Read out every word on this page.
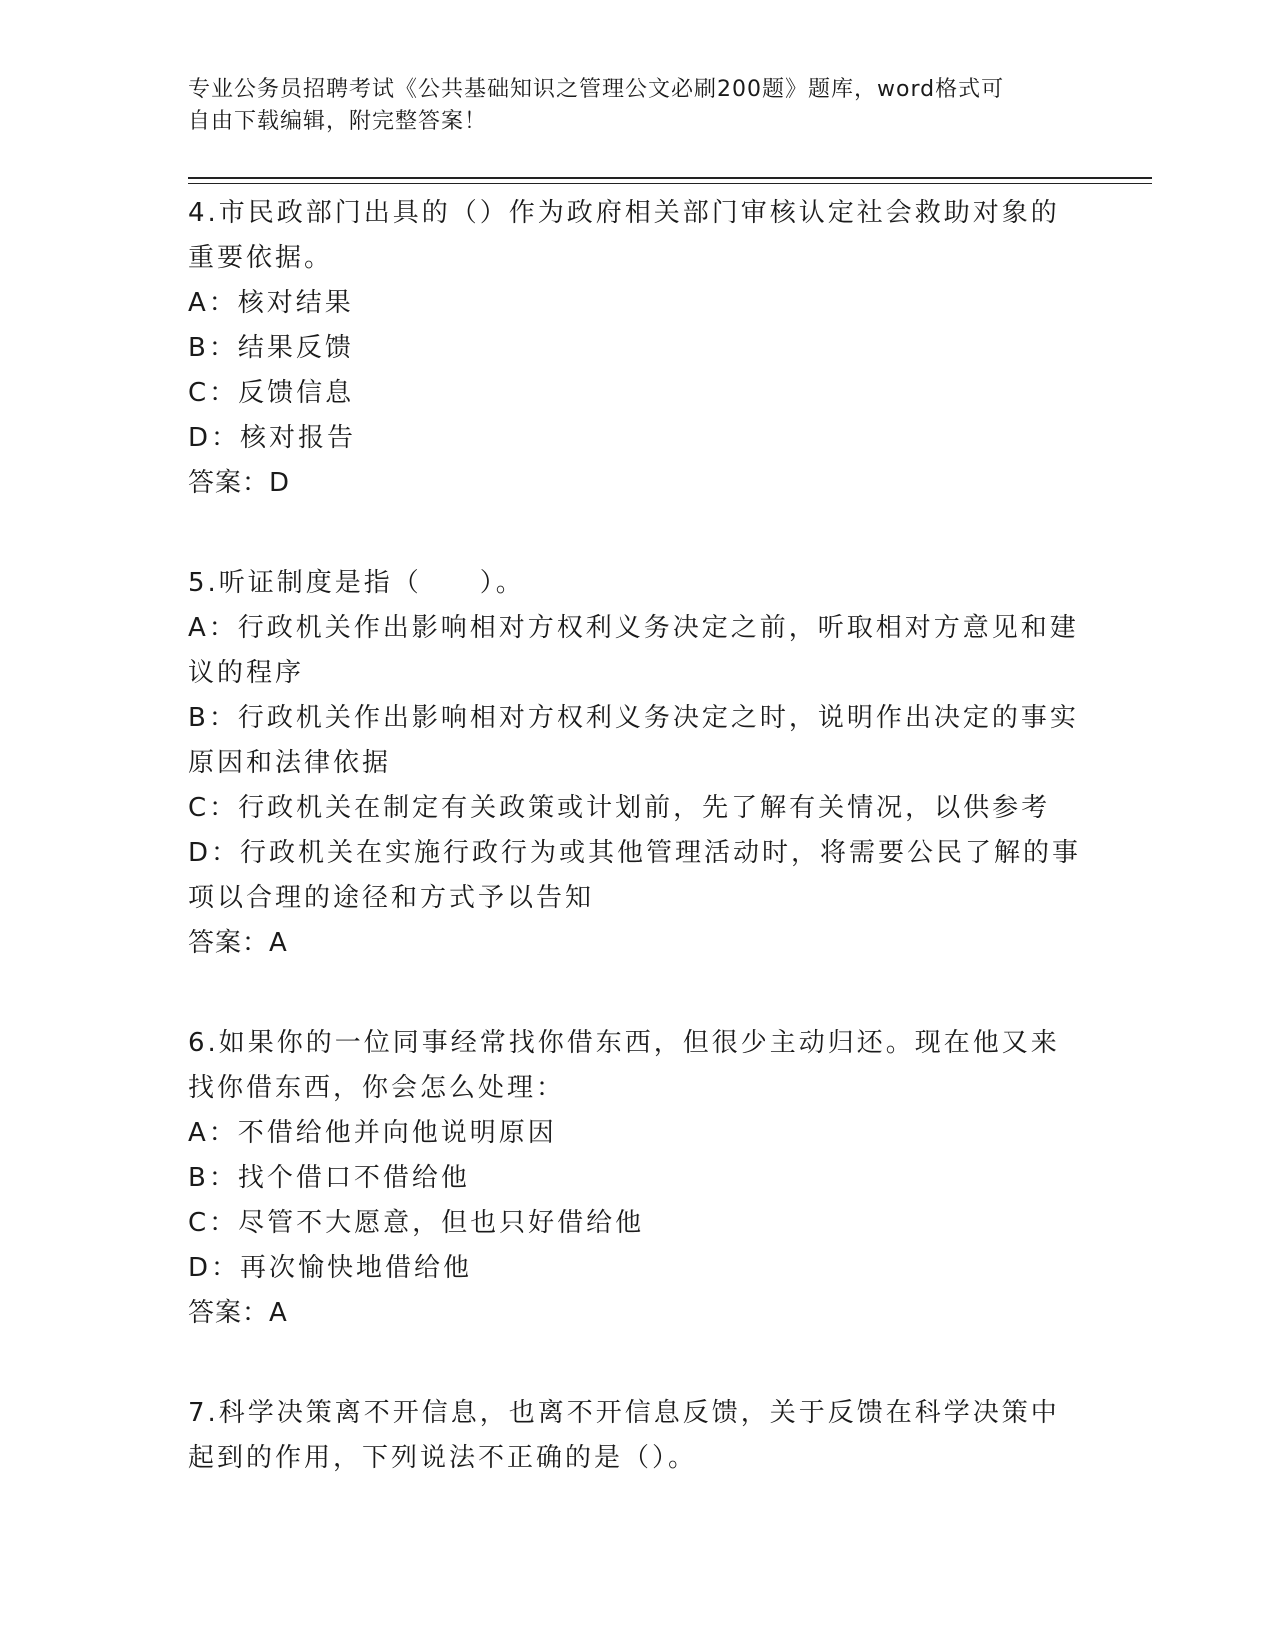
专业公务员招聘考试《公共基础知识之管理公文必刷200题》题库，word格式可

自由下载编辑，附完整答案！

4.市民政部门出具的（）作为政府相关部门审核认定社会救助对象的

重要依据。

A：核对结果

B：结果反馈

C：反馈信息

D：核对报告

答案：D

5.听证制度是指（　　）。

A：行政机关作出影响相对方权利义务决定之前，听取相对方意见和建

议的程序

B：行政机关作出影响相对方权利义务决定之时，说明作出决定的事实

原因和法律依据

C：行政机关在制定有关政策或计划前，先了解有关情况，以供参考

D：行政机关在实施行政行为或其他管理活动时，将需要公民了解的事

项以合理的途径和方式予以告知

答案：A

6.如果你的一位同事经常找你借东西，但很少主动归还。现在他又来

找你借东西，你会怎么处理：

A：不借给他并向他说明原因

B：找个借口不借给他

C：尽管不大愿意，但也只好借给他

D：再次愉快地借给他

答案：A

7.科学决策离不开信息，也离不开信息反馈，关于反馈在科学决策中

起到的作用，下列说法不正确的是（）。
